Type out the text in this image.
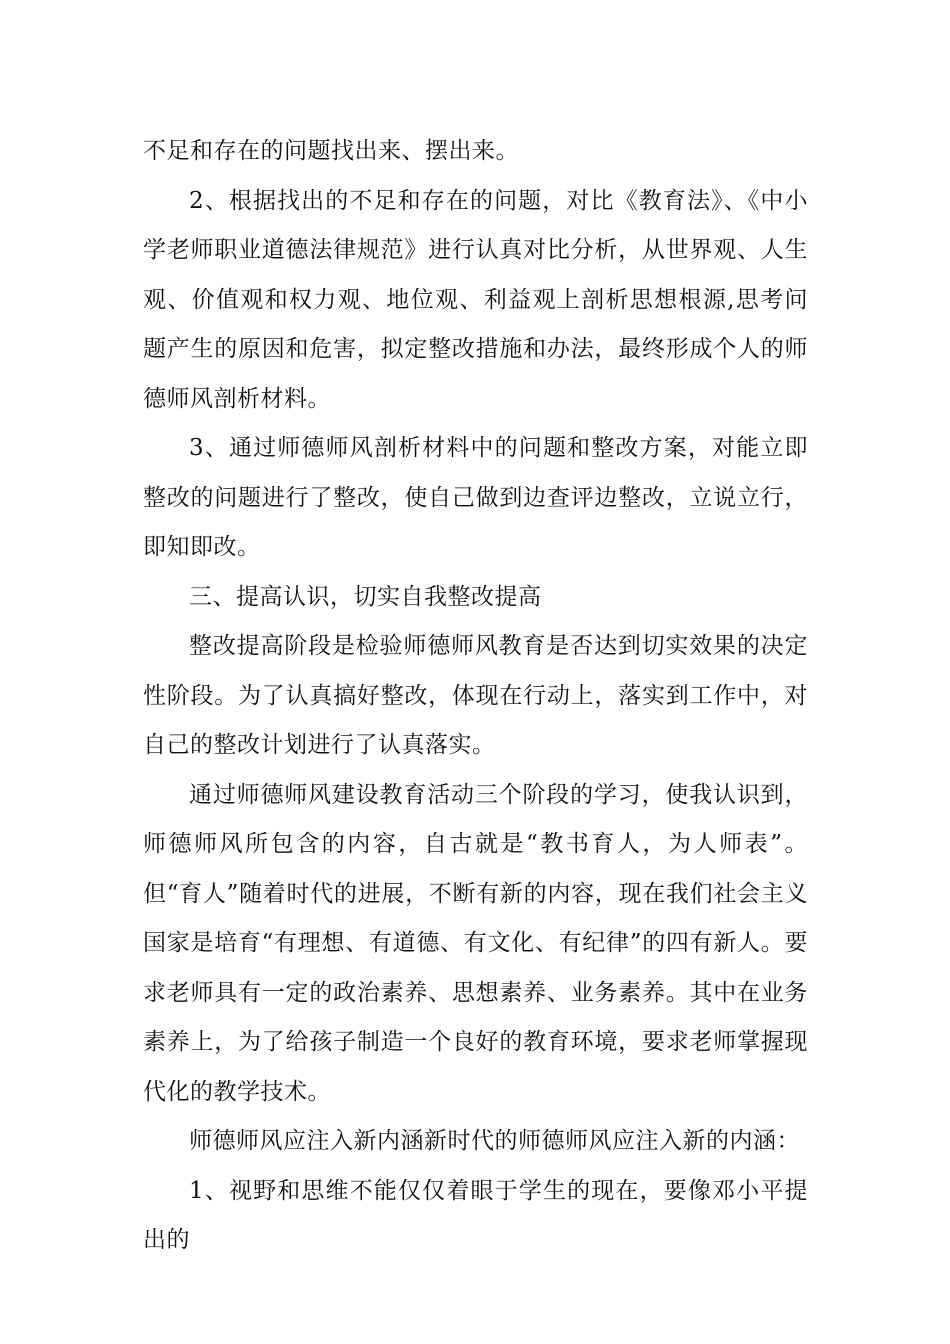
不足和存在的问题找出来、摆出来。

2、根据找出的不足和存在的问题，对比《教育法》、《中小学老师职业道德法律规范》进行认真对比分析，从世界观、人生观、价值观和权力观、地位观、利益观上剖析思想根源,思考问题产生的原因和危害，拟定整改措施和办法，最终形成个人的师德师风剖析材料。

3、通过师德师风剖析材料中的问题和整改方案，对能立即整改的问题进行了整改，使自己做到边查评边整改，立说立行，即知即改。

三、提高认识，切实自我整改提高

整改提高阶段是检验师德师风教育是否达到切实效果的决定性阶段。为了认真搞好整改，体现在行动上，落实到工作中，对自己的整改计划进行了认真落实。

通过师德师风建设教育活动三个阶段的学习，使我认识到，师德师风所包含的内容，自古就是“教书育人，为人师表”。但“育人”随着时代的进展，不断有新的内容，现在我们社会主义国家是培育“有理想、有道德、有文化、有纪律”的四有新人。要求老师具有一定的政治素养、思想素养、业务素养。其中在业务素养上，为了给孩子制造一个良好的教育环境，要求老师掌握现代化的教学技术。

师德师风应注入新内涵新时代的师德师风应注入新的内涵：

1、视野和思维不能仅仅着眼于学生的现在，要像邓小平提出的
